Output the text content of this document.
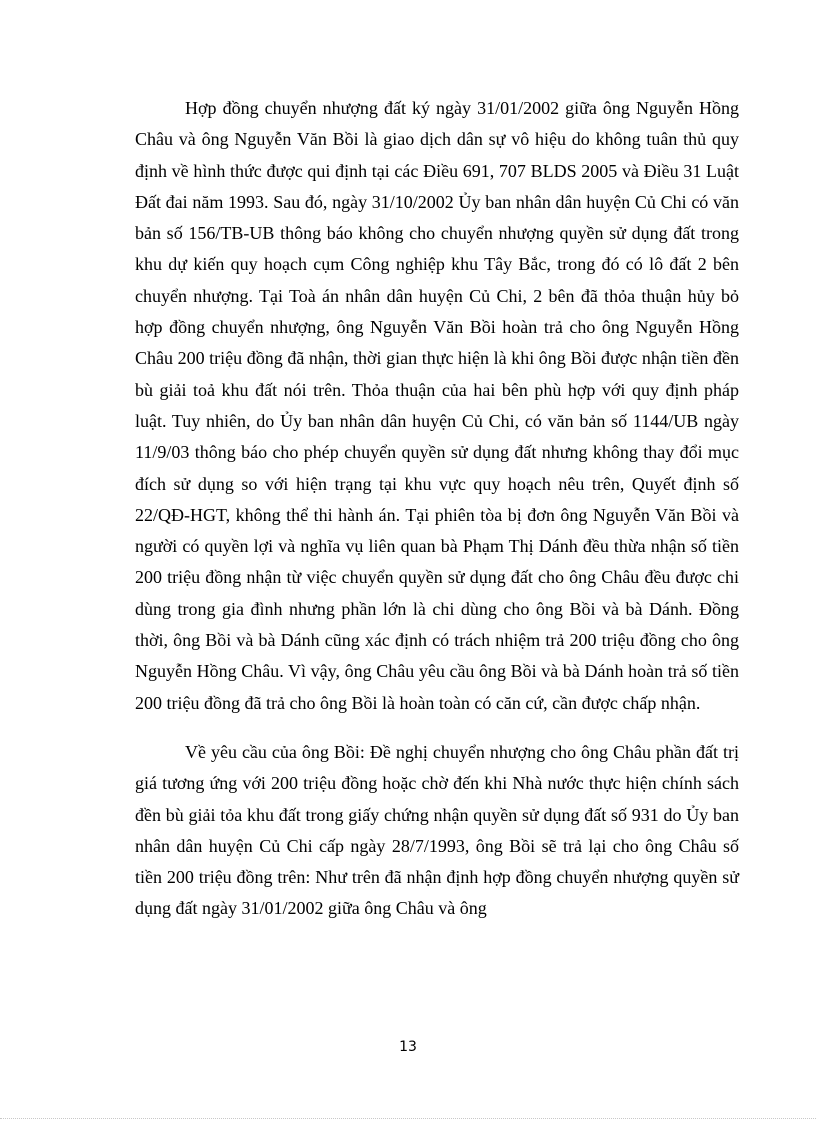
Hợp đồng chuyển nhượng đất ký ngày 31/01/2002 giữa ông Nguyễn Hồng Châu và ông Nguyễn Văn Bồi là giao dịch dân sự vô hiệu do không tuân thủ quy định về hình thức được qui định tại các Điều 691, 707 BLDS 2005 và Điều 31 Luật Đất đai năm 1993. Sau đó, ngày 31/10/2002 Ủy ban nhân dân huyện Củ Chi có văn bản số 156/TB-UB thông báo không cho chuyển nhượng quyền sử dụng đất trong khu dự kiến quy hoạch cụm Công nghiệp khu Tây Bắc, trong đó có lô đất 2 bên chuyển nhượng. Tại Toà án nhân dân huyện Củ Chi, 2 bên đã thỏa thuận hủy bỏ hợp đồng chuyển nhượng, ông Nguyễn Văn Bồi hoàn trả cho ông Nguyễn Hồng Châu 200 triệu đồng đã nhận, thời gian thực hiện là khi ông Bồi được nhận tiền đền bù giải toả khu đất nói trên. Thỏa thuận của hai bên phù hợp với quy định pháp luật. Tuy nhiên, do Ủy ban nhân dân huyện Củ Chi, có văn bản số 1144/UB ngày 11/9/03 thông báo cho phép chuyển quyền sử dụng đất nhưng không thay đổi mục đích sử dụng so với hiện trạng tại khu vực quy hoạch nêu trên, Quyết định số 22/QĐ-HGT, không thể thi hành án. Tại phiên tòa bị đơn ông Nguyễn Văn Bồi và người có quyền lợi và nghĩa vụ liên quan bà Phạm Thị Dánh đều thừa nhận số tiền 200 triệu đồng nhận từ việc chuyển quyền sử dụng đất cho ông Châu đều được chi dùng trong gia đình nhưng phần lớn là chi dùng cho ông Bồi và bà Dánh. Đồng thời, ông Bồi và bà Dánh cũng xác định có trách nhiệm trả 200 triệu đồng cho ông Nguyễn Hồng Châu. Vì vậy, ông Châu yêu cầu ông Bồi và bà Dánh hoàn trả số tiền 200 triệu đồng đã trả cho ông Bồi là hoàn toàn có căn cứ, cần được chấp nhận.

Về yêu cầu của ông Bồi: Đề nghị chuyển nhượng cho ông Châu phần đất trị giá tương ứng với 200 triệu đồng hoặc chờ đến khi Nhà nước thực hiện chính sách đền bù giải tỏa khu đất trong giấy chứng nhận quyền sử dụng đất số 931 do Ủy ban nhân dân huyện Củ Chi cấp ngày 28/7/1993, ông Bồi sẽ trả lại cho ông Châu số tiền 200 triệu đồng trên: Như trên đã nhận định hợp đồng chuyển nhượng quyền sử dụng đất ngày 31/01/2002 giữa ông Châu và ông

13
